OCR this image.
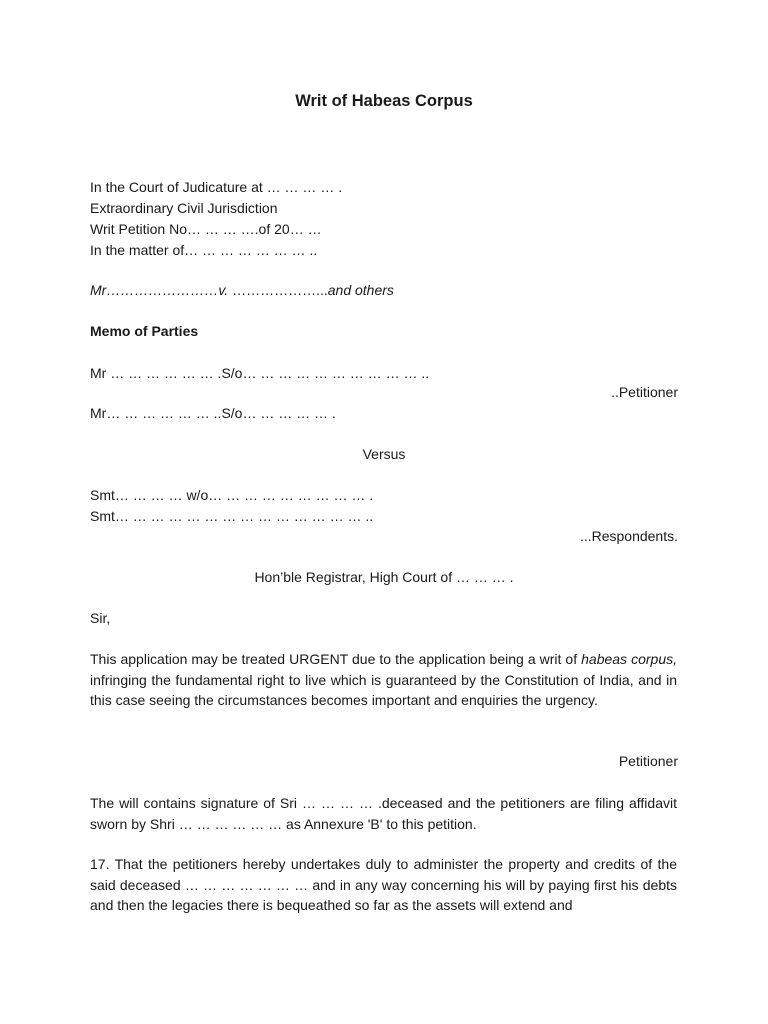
Writ of Habeas Corpus
In the Court of Judicature at … … … … .
Extraordinary Civil Jurisdiction
Writ Petition No… … … ….of 20… …
In the matter of… … … … … … … ..
Mr……………………v. ………………...and others
Memo of Parties
Mr … … … … … … .S/o… … … … … … … … … … ..
..Petitioner
Mr… … … … … … ..S/o… … … … … .
Versus
Smt… … … … w/o… … … … … … … … … .
Smt… … … … … … … … … … … … … … ..
...Respondents.
Hon’ble Registrar, High Court of … … … .
Sir,
This application may be treated URGENT due to the application being a writ of habeas corpus, infringing the fundamental right to live which is guaranteed by the Constitution of India, and in this case seeing the circumstances becomes important and enquiries the urgency.
Petitioner
The will contains signature of Sri … … … … .deceased and the petitioners are filing affidavit sworn by Shri … … … … … … as Annexure 'B' to this petition.
17. That the petitioners hereby undertakes duly to administer the property and credits of the said deceased … … … … … … … and in any way concerning his will by paying first his debts and then the legacies there is bequeathed so far as the assets will extend and
